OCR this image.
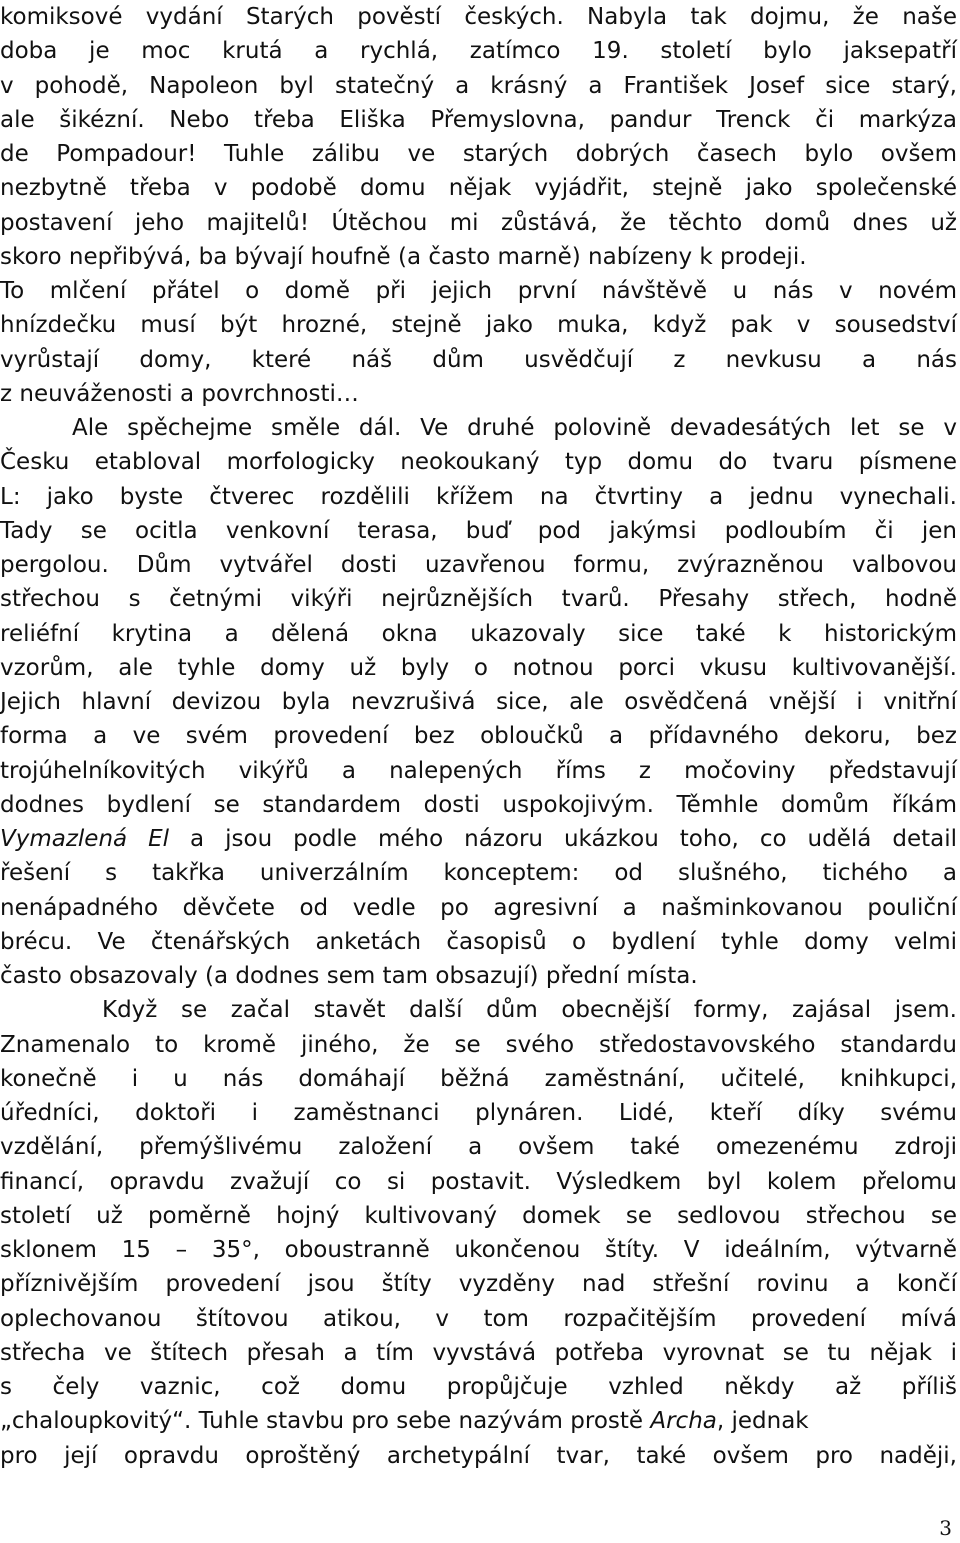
komiksové vydání Starých pověstí českých. Nabyla tak dojmu, že naše
doba je moc krutá a rychlá, zatímco 19. století bylo jaksepatří
v pohodě, Napoleon byl statečný a krásný a František Josef sice starý,
ale šikézní. Nebo třeba Eliška Přemyslovna, pandur Trenck či markýza
de Pompadour! Tuhle zálibu ve starých dobrých časech bylo ovšem
nezbytně třeba v podobě domu nějak vyjádřit, stejně jako společenské
postavení jeho majitelů! Útěchou mi zůstává, že těchto domů dnes už
skoro nepřibývá, ba bývají houfně (a často marně) nabízeny k prodeji.
To mlčení přátel o domě při jejich první návštěvě u nás v novém
hnízdečku musí být hrozné, stejně jako muka, když pak v sousedství
vyrůstají domy, které náš dům usvědčují z nevkusu a nás
z neuváženosti a povrchnosti…
Ale spěchejme směle dál. Ve druhé polovině devadesátých let se v
Česku etabloval morfologicky neokoukaný typ domu do tvaru písmene
L: jako byste čtverec rozdělili křížem na čtvrtiny a jednu vynechali.
Tady se ocitla venkovní terasa, buď pod jakýmsi podloubím či jen
pergolou. Dům vytvářel dosti uzavřenou formu, zvýrazněnou valbovou
střechou s četnými vikýři nejrůznějších tvarů. Přesahy střech, hodně
reliéfní krytina a dělená okna ukazovaly sice také k historickým
vzorům, ale tyhle domy už byly o notnou porci vkusu kultivovanější.
Jejich hlavní devizou byla nevzrušivá sice, ale osvědčená vnější i vnitřní
forma a ve svém provedení bez obloučků a přídavného dekoru, bez
trojúhelníkovitých vikýřů a nalepených říms z močoviny představují
dodnes bydlení se standardem dosti uspokojivým. Těmhle domům říkám
Vymazlená El a jsou podle mého názoru ukázkou toho, co udělá detail
řešení s takřka univerzálním konceptem: od slušného, tichého a
nenápadného děvčete od vedle po agresivní a našminkovanou pouliční
brécu. Ve čtenářských anketách časopisů o bydlení tyhle domy velmi
často obsazovaly (a dodnes sem tam obsazují) přední místa.
Když se začal stavět další dům obecnější formy, zajásal jsem.
Znamenalo to kromě jiného, že se svého středostavovského standardu
konečně i u nás domáhají běžná zaměstnání, učitelé, knihkupci,
úředníci, doktoři i zaměstnanci plynáren. Lidé, kteří díky svému
vzdělání, přemýšlivému založení a ovšem také omezenému zdroji
financí, opravdu zvažují co si postavit. Výsledkem byl kolem přelomu
století už poměrně hojný kultivovaný domek se sedlovou střechou se
sklonem 15 – 35°, oboustranně ukončenou štíty. V ideálním, výtvarně
příznivějším provedení jsou štíty vyzděny nad střešní rovinu a končí
oplechovanou štítovou atikou, v tom rozpačitějším provedení mívá
střecha ve štítech přesah a tím vyvstává potřeba vyrovnat se tu nějak i
s čely vaznic, což domu propůjčuje vzhled někdy až příliš
„chaloupkovitý“. Tuhle stavbu pro sebe nazývám prostě Archa, jednak
pro její opravdu oproštěný archetypální tvar, také ovšem pro naději,
3
